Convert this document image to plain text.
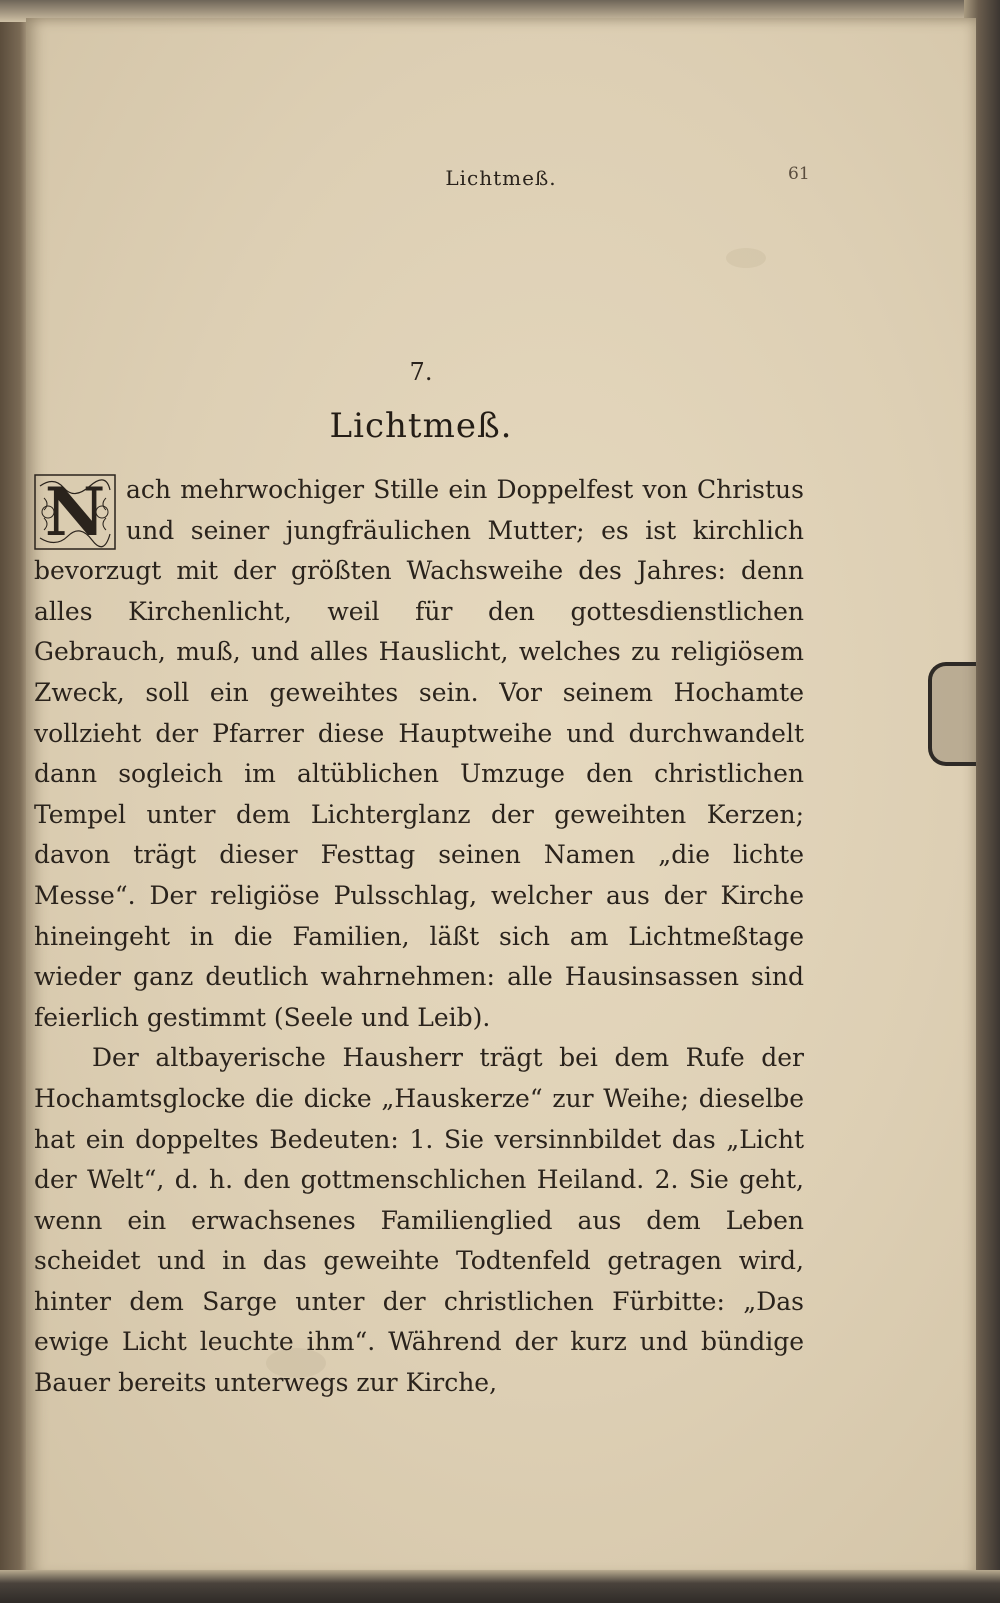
Lichtmeß.	61
7.
Lichtmeß.

N ach mehrwochiger Stille ein Doppelfest von Christus und seiner jungfräulichen Mutter; es ist kirchlich bevorzugt mit der größten Wachsweihe des Jahres: denn alles Kirchenlicht, weil für den gottesdienstlichen Gebrauch, muß, und alles Hauslicht, welches zu religiösem Zweck, soll ein geweihtes sein. Vor seinem Hochamte vollzieht der Pfarrer diese Hauptweihe und durchwandelt dann sogleich im altüblichen Umzuge den christlichen Tempel unter dem Lichterglanz der geweihten Kerzen; davon trägt dieser Festtag seinen Namen „die lichte Messe“. Der religiöse Pulsschlag, welcher aus der Kirche hineingeht in die Familien, läßt sich am Lichtmeßtage wieder ganz deutlich wahrnehmen: alle Hausinsassen sind feierlich gestimmt (Seele und Leib).

Der altbayerische Hausherr trägt bei dem Rufe der Hochamtsglocke die dicke „Hauskerze“ zur Weihe; dieselbe hat ein doppeltes Bedeuten: 1. Sie versinnbildet das „Licht der Welt“, d. h. den gottmenschlichen Heiland. 2. Sie geht, wenn ein erwachsenes Familienglied aus dem Leben scheidet und in das geweihte Todtenfeld getragen wird, hinter dem Sarge unter der christlichen Fürbitte: „Das ewige Licht leuchte ihm“. Während der kurz und bündige Bauer bereits unterwegs zur Kirche,
